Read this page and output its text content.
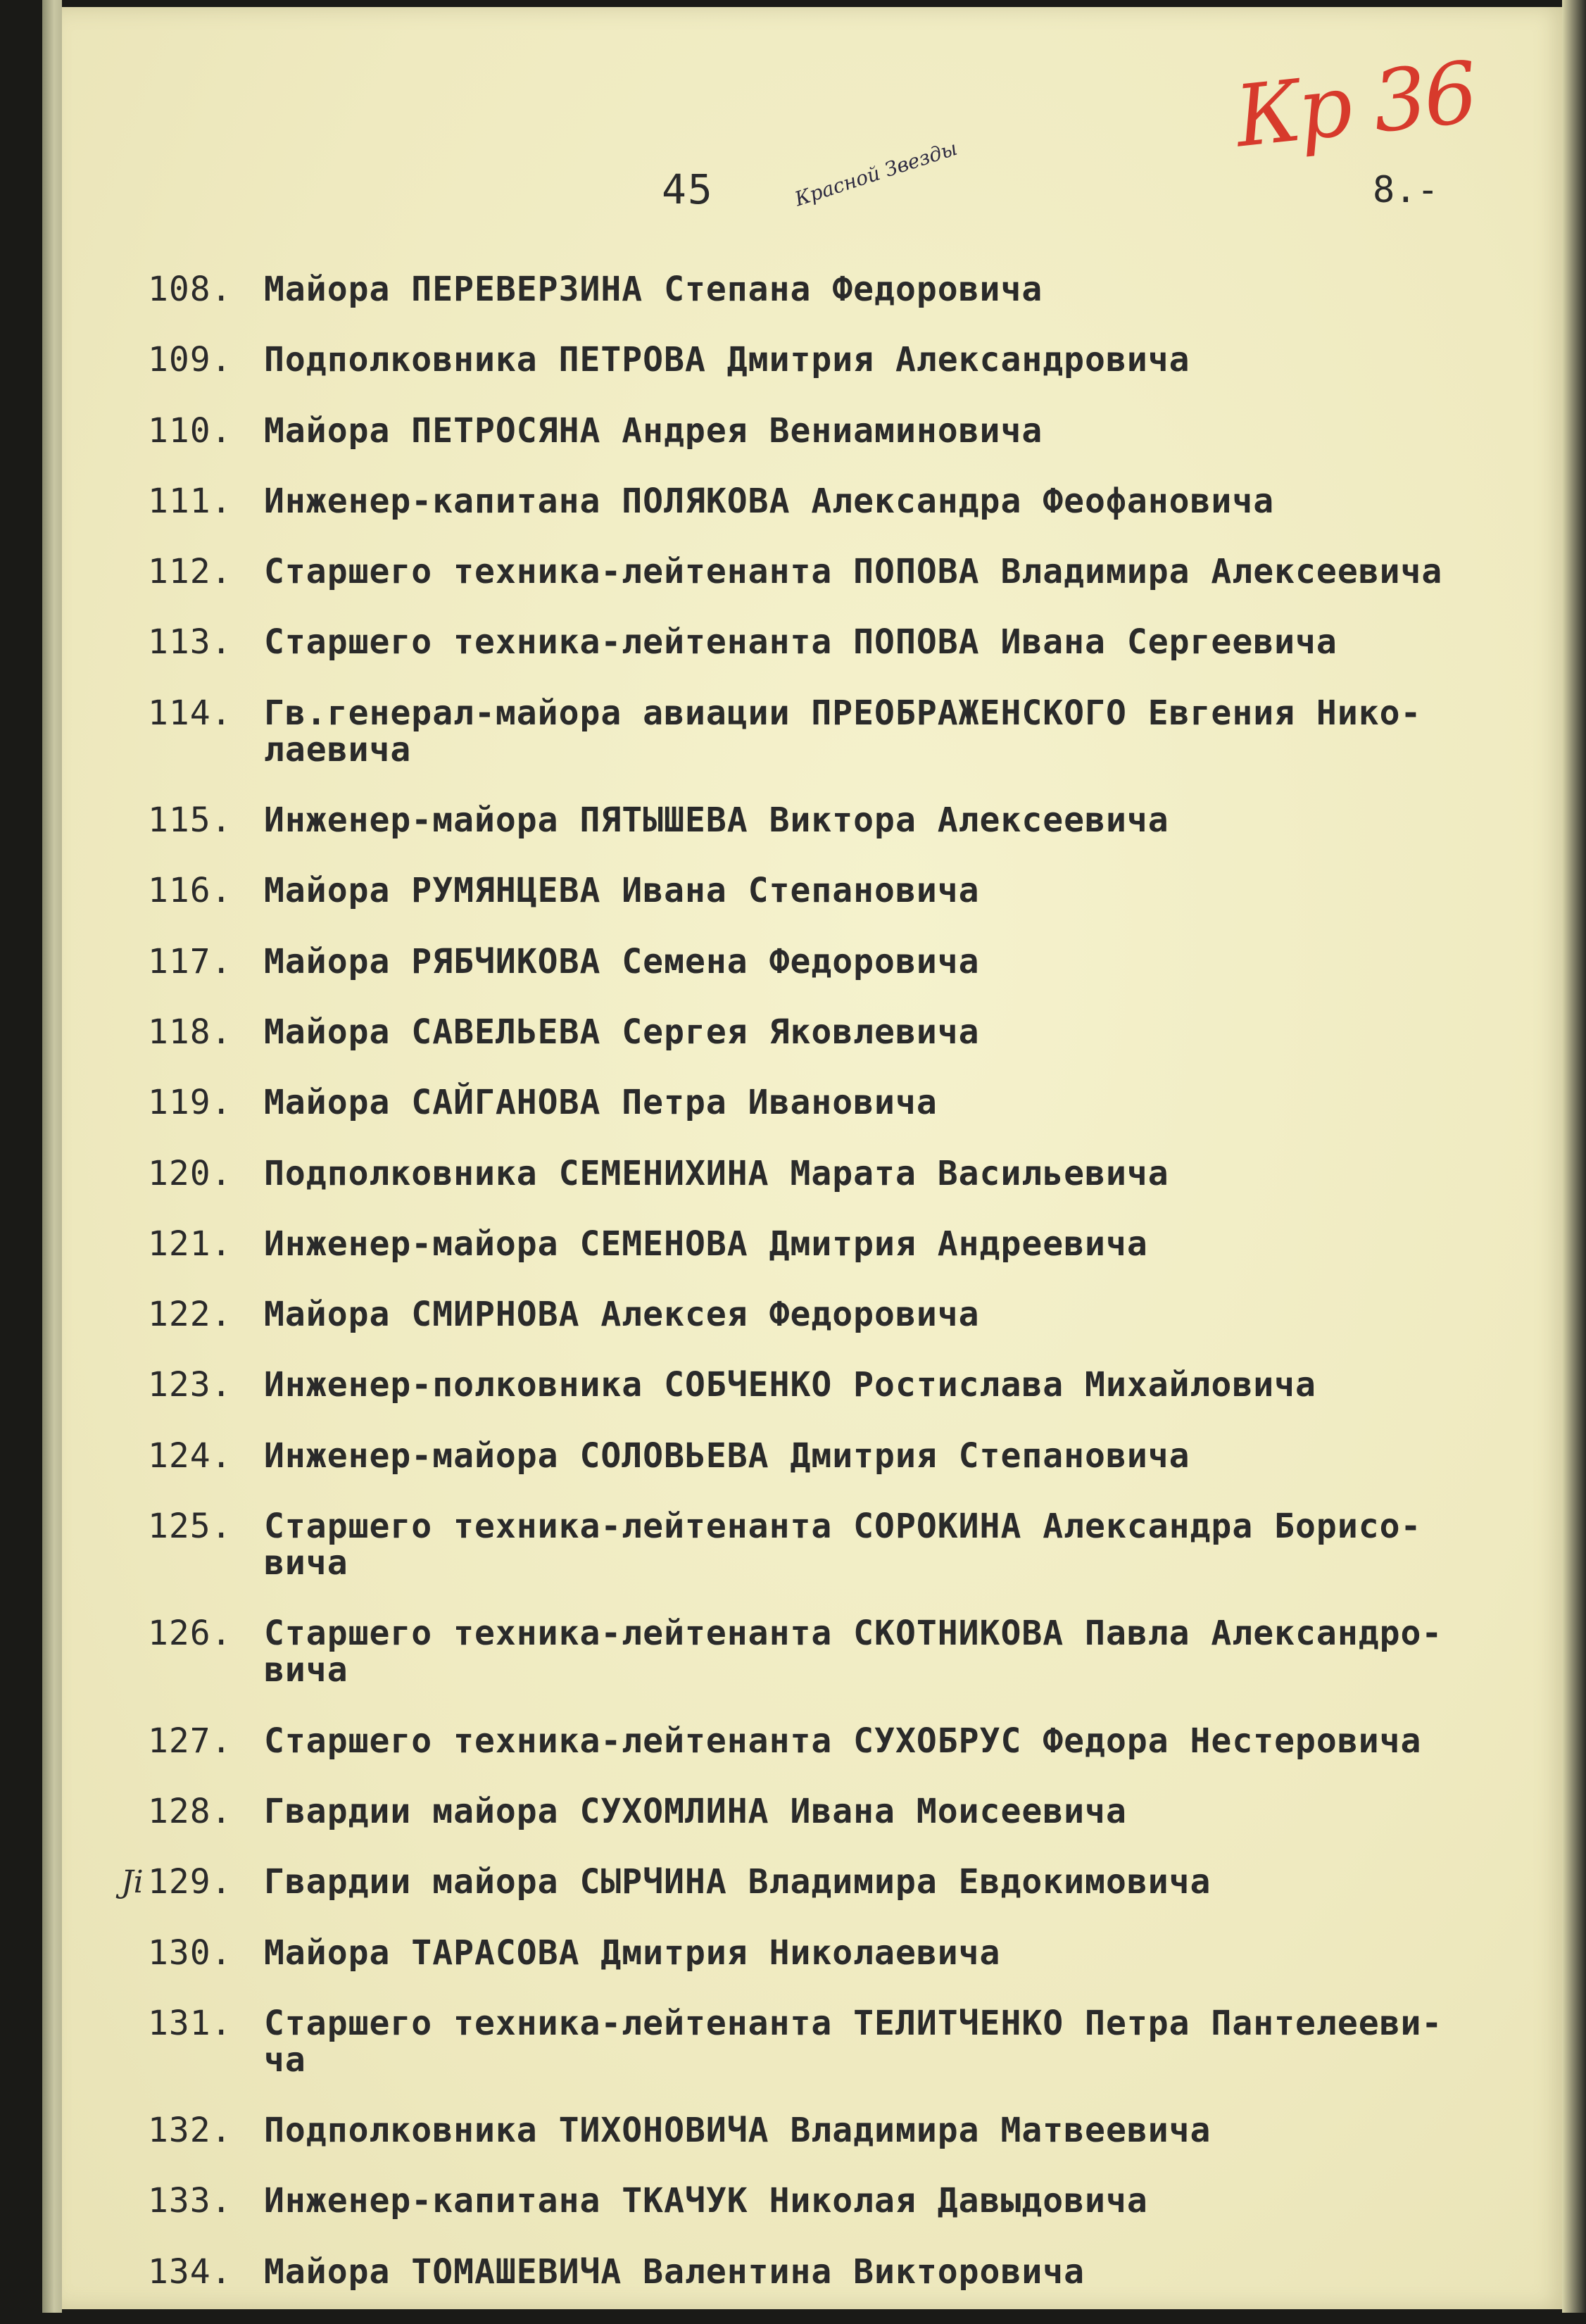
45	8.-
Красной Звезды
Кр 36
Ji
108. Майора ПЕРЕВЕРЗИНА Степана Федоровича
109. Подполковника ПЕТРОВА Дмитрия Александровича
110. Майора ПЕТРОСЯНА Андрея Вениаминовича
111. Инженер-капитана ПОЛЯКОВА Александра Феофановича
112. Старшего техника-лейтенанта ПОПОВА Владимира Алексеевича
113. Старшего техника-лейтенанта ПОПОВА Ивана Сергеевича
114. Гв.генерал-майора авиации ПРЕОБРАЖЕНСКОГО Евгения Нико-
лаевича
115. Инженер-майора ПЯТЫШЕВА Виктора Алексеевича
116. Майора РУМЯНЦЕВА Ивана Степановича
117. Майора РЯБЧИКОВА Семена Федоровича
118. Майора САВЕЛЬЕВА Сергея Яковлевича
119. Майора САЙГАНОВА Петра Ивановича
120. Подполковника СЕМЕНИХИНА Марата Васильевича
121. Инженер-майора СЕМЕНОВА Дмитрия Андреевича
122. Майора СМИРНОВА Алексея Федоровича
123. Инженер-полковника СОБЧЕНКО Ростислава Михайловича
124. Инженер-майора СОЛОВЬЕВА Дмитрия Степановича
125. Старшего техника-лейтенанта СОРОКИНА Александра Борисо-
вича
126. Старшего техника-лейтенанта СКОТНИКОВА Павла Александро-
вича
127. Старшего техника-лейтенанта СУХОБРУС Федора Нестеровича
128. Гвардии майора СУХОМЛИНА Ивана Моисеевича
129. Гвардии майора СЫРЧИНА Владимира Евдокимовича
130. Майора ТАРАСОВА Дмитрия Николаевича
131. Старшего техника-лейтенанта ТЕЛИТЧЕНКО Петра Пантелееви-
ча
132. Подполковника ТИХОНОВИЧА Владимира Матвеевича
133. Инженер-капитана ТКАЧУК Николая Давыдовича
134. Майора ТОМАШЕВИЧА Валентина Викторовича
